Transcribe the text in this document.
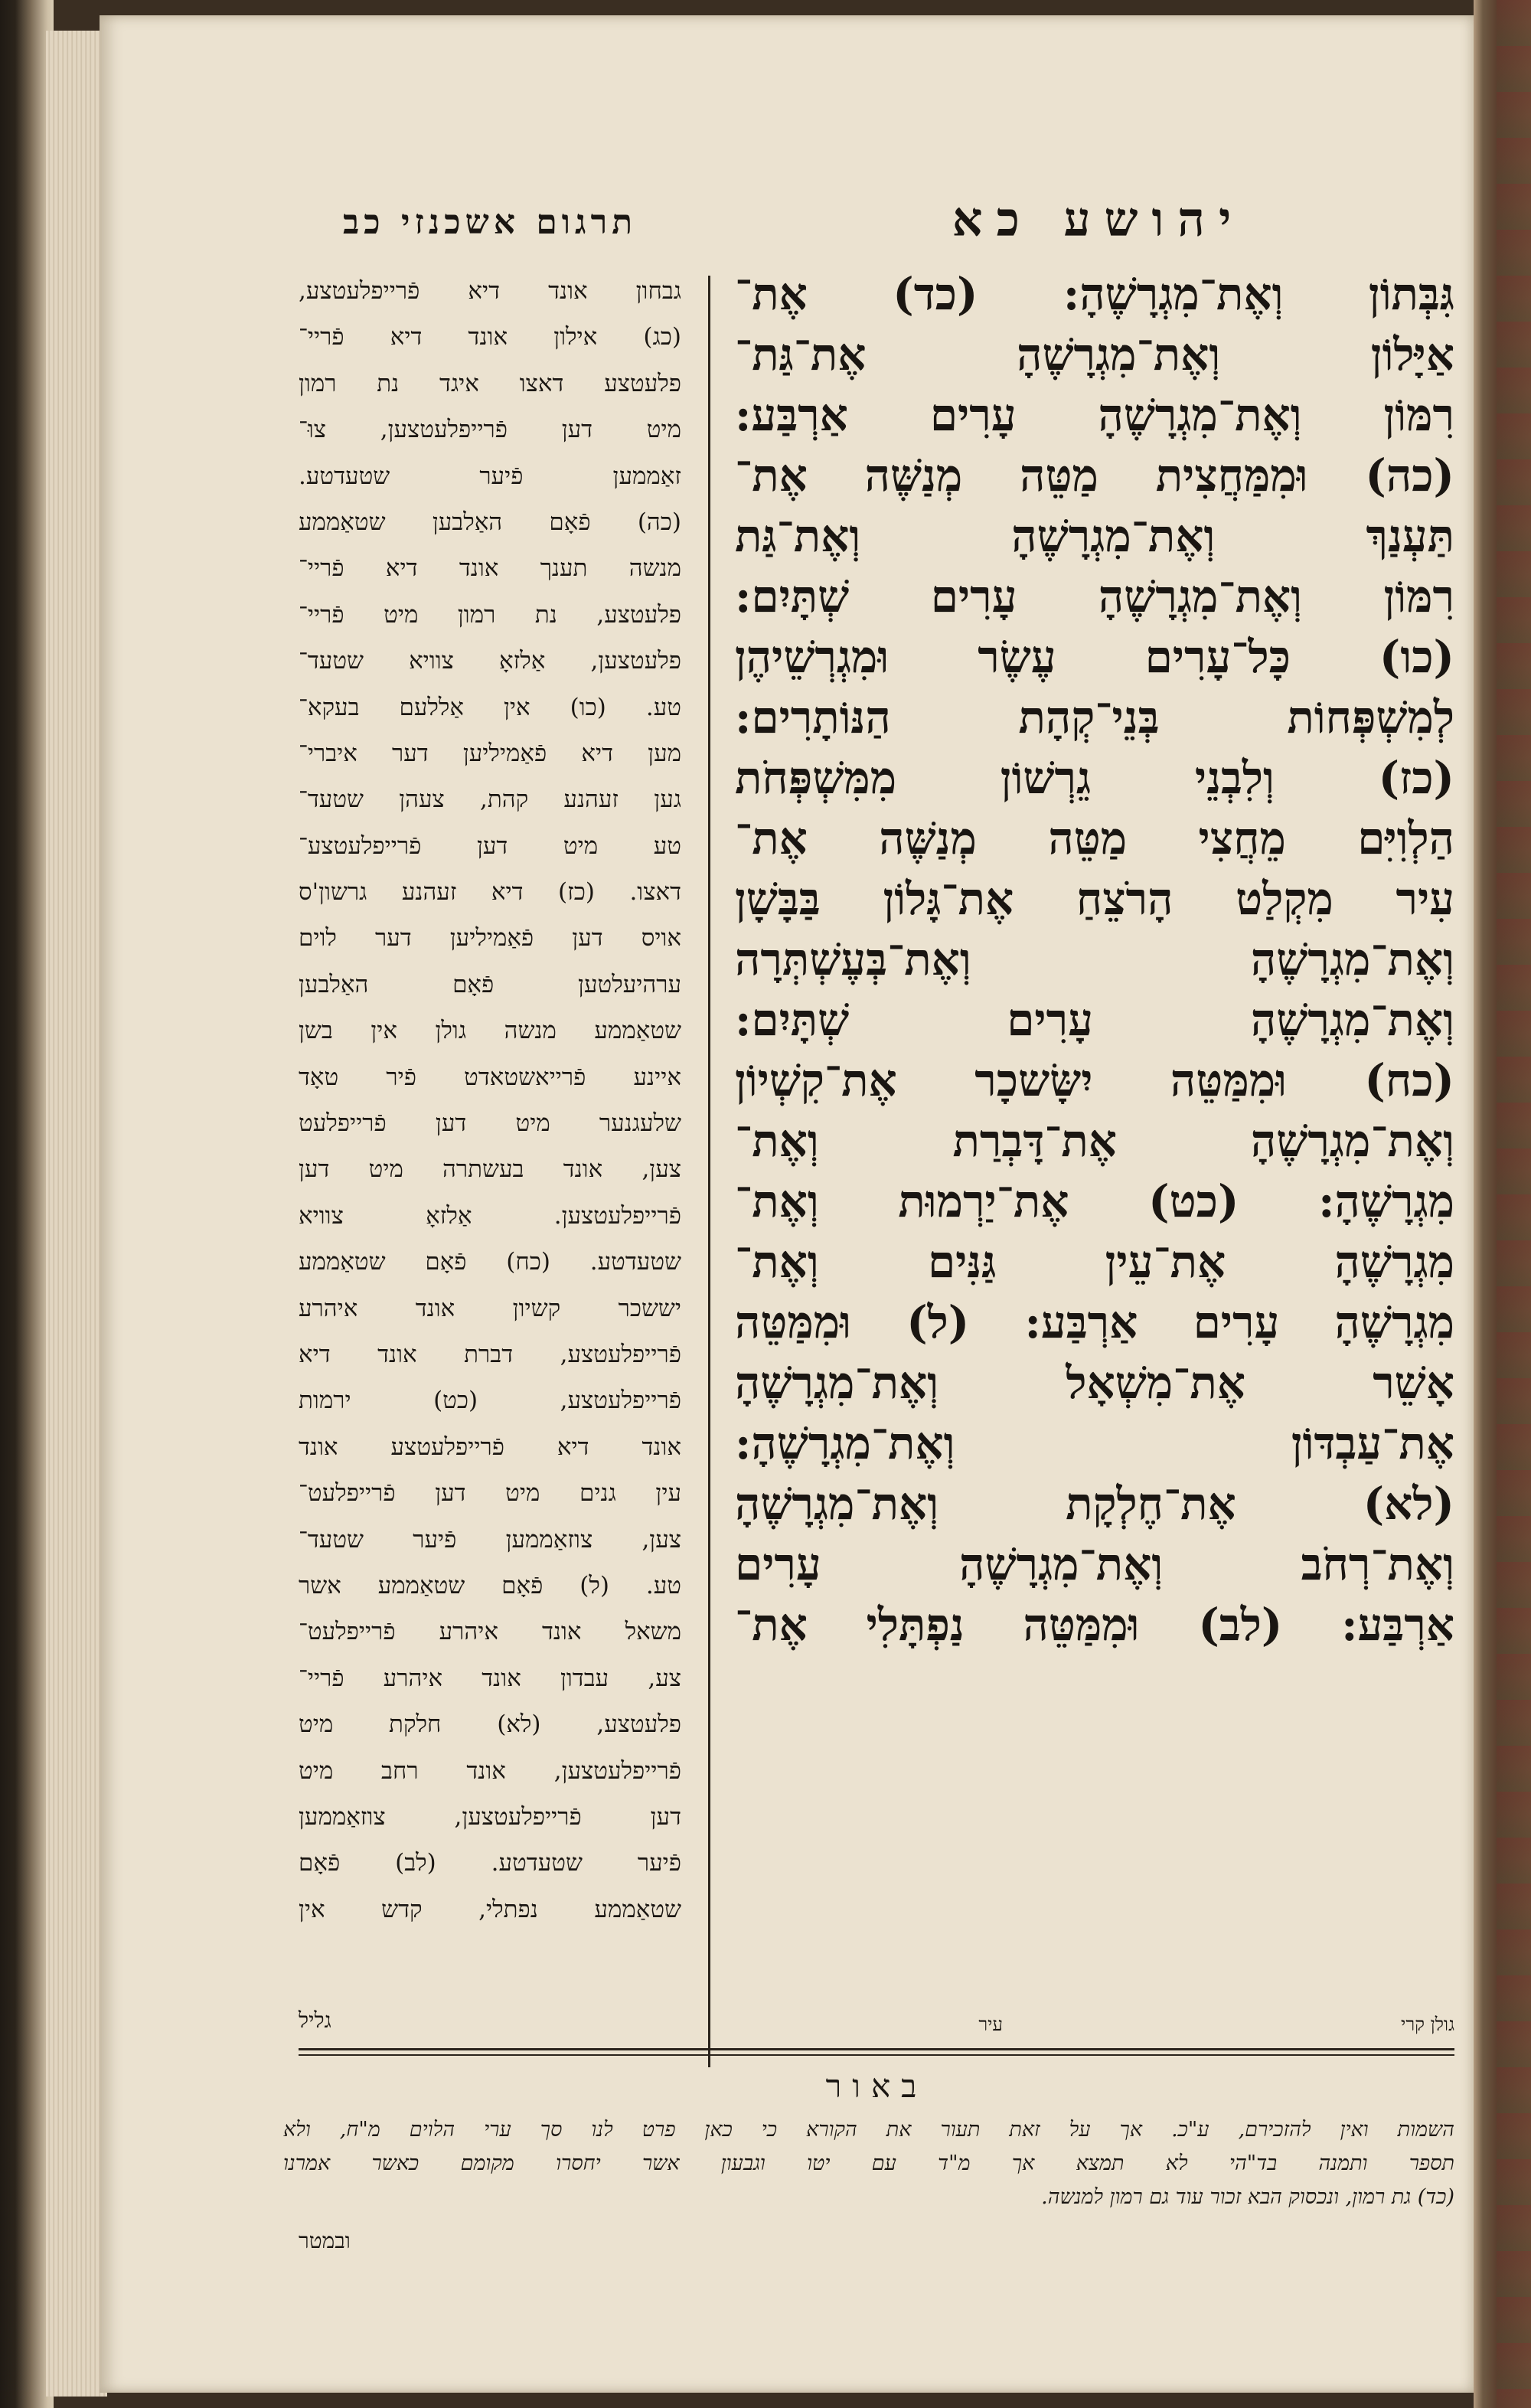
תרגום אשכנזי כב	יהושע כא
גבחון אונד דיא פֿרייפלעטצע,
(כג) אילון אונד דיא פֿריי־
פלעטצע דאצו איגד נת רמון
מיט דען פֿרייפלעטצען, צוּ־
זאַממען פֿיער שטעדטע.
(כה) פֿאָם האַלבען שטאַממע
מנשה תענך אונד דיא פֿריי־
פלעטצע, נת רמון מיט פֿריי־
פלעטצען, אַלזאָ צוויא שטעד־
טע. (כו) אין אַללעם בעקא־
מען דיא פֿאַמיליען דער איברי־
גען זעהנע קהת, צעהן שטעד־
טע מיט דען פֿרייפלעטצע־
דאצו. (כז) דיא זעהנע גרשון'ס
אויס דען פֿאַמיליען דער לוים
ערהיעלטען פֿאָם האַלבען
שטאַממע מנשה גולן אין בשן
איינע פֿרייאשטאדט פֿיר טאָד
שלעגנער מיט דען פֿרייפלעט
צען, אונד בעשתרה מיט דען
פֿרייפלעטצען. אַלזאָ צוויא
שטעדטע. (כח) פֿאָם שטאַממע
יששכר קשיון אונד איהרע
פֿרייפלעטצע, דברת אונד דיא
פֿרייפלעטצע, (כט) ירמות
אונד דיא פֿרייפלעטצע אונד
עין גנים מיט דען פֿרייפלעט־
צען, צוזאַממען פֿיער שטעד־
טע. (ל) פֿאָם שטאַממע אשר
משאל אונד איהרע פֿרייפלעט־
צע, עבדון אונד איהרע פֿריי־
פלעטצע, (לא) חלקת מיט
פֿרייפלעטצען, אונד רחב מיט
דען פֿרייפלעטצען, צוזאַממען
פֿיער שטעדטע. (לב) פֿאָם
שטאַממע נפתלי, קדש אין
גִּבְּתוֹן וְאֶת־מִגְרָשֶׁהָ: (כד) אֶת־
אַיָּלוֹן וְאֶת־מִגְרָשֶׁהָ אֶת־גַּת־
רִמּוֹן וְאֶת־מִגְרָשֶׁהָ עָרִים אַרְבַּע:
(כה) וּמִמַּחֲצִית מַטֵּה מְנַשֶּׁה אֶת־
תַּעְנַךְ וְאֶת־מִגְרָשֶׁהָ וְאֶת־גַּת
רִמּוֹן וְאֶת־מִגְרָשֶׁהָ עָרִים שְׁתָּיִם:
(כו) כָּל־עָרִים עֶשֶׂר וּמִגְרְשֵׁיהֶן
לְמִשְׁפְּחוֹת בְּנֵי־קְהָת הַנּוֹתָרִים:
(כז) וְלִבְנֵי גֵרְשׁוֹן מִמִּשְׁפְּחֹת
הַלְוִיִּם מֵחֲצִי מַטֵּה מְנַשֶּׁה אֶת־
עִיר מִקְלַט הָרֹצֵחַ אֶת־גָּלוֹן בַּבָּשָׁן
וְאֶת־מִגְרָשֶׁהָ וְאֶת־בְּעֶשְׁתְּרָה
וְאֶת־מִגְרָשֶׁהָ עָרִים שְׁתָּיִם:
(כח) וּמִמַּטֵּה יִשָּׂשכָר אֶת־קִשְׁיוֹן
וְאֶת־מִגְרָשֶׁהָ אֶת־דָּבְרַת וְאֶת־
מִגְרָשֶׁהָ: (כט) אֶת־יַרְמוּת וְאֶת־
מִגְרָשֶׁהָ אֶת־עֵין גַּנִּים וְאֶת־
מִגְרָשֶׁהָ עָרִים אַרְבַּע: (ל) וּמִמַּטֵּה
אָשֵׁר אֶת־מִשְׁאָל וְאֶת־מִגְרָשֶׁהָ
אֶת־עַבְדּוֹן וְאֶת־מִגְרָשֶׁהָ:
(לא) אֶת־חֶלְקָת וְאֶת־מִגְרָשֶׁהָ
וְאֶת־רְחֹב וְאֶת־מִגְרָשֶׁהָ עָרִים
אַרְבַּע: (לב) וּמִמַּטֵּה נַפְתָּלִי אֶת־
גליל	עיר	גולן קרי
באור
השמות ואין להזכירם, ע"כ. אך על זאת תעור את הקורא כי כאן פרט לנו סך ערי הלוים מ"ח, ולא
תספר ותמנה בד"הי לא תמצא אך מ"ד עם יטו וגבעון אשר יחסרו מקומם כאשר אמרנו
(כד) גת רמון, ונכסוק הבא זכור עוד גם רמון למנשה.
ובמטר
